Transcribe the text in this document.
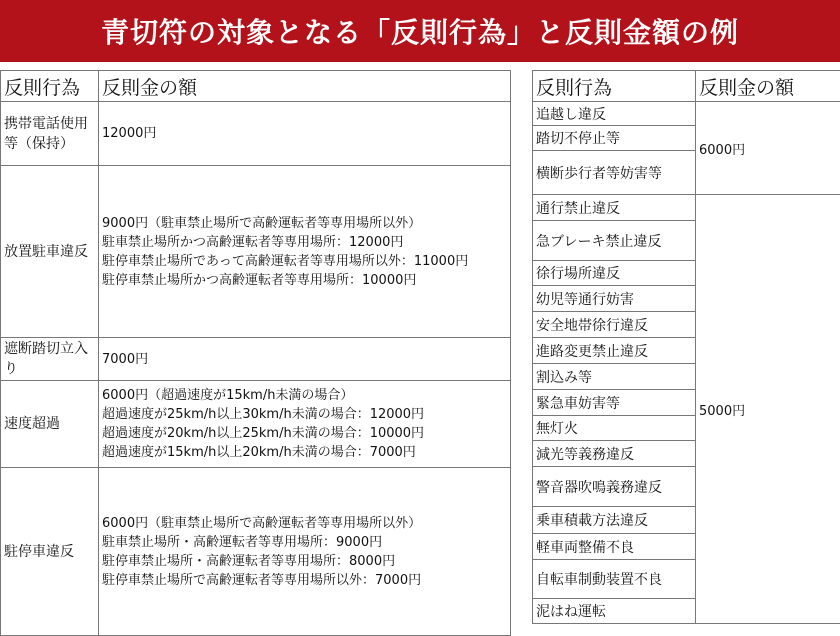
青切符の対象となる「反則行為」と反則金額の例
反則行為	反則金の額
携帯電話使用等（保持）	12000円
放置駐車違反	9000円（駐車禁止場所で高齢運転者等専用場所以外）
駐車禁止場所かつ高齢運転者等専用場所：12000円
駐停車禁止場所であって高齢運転者等専用場所以外：11000円
駐停車禁止場所かつ高齢運転者等専用場所：10000円
遮断踏切立入り	7000円
速度超過	6000円（超過速度が15km/h未満の場合）
超過速度が25km/h以上30km/h未満の場合：12000円
超過速度が20km/h以上25km/h未満の場合：10000円
超過速度が15km/h以上20km/h未満の場合：7000円
駐停車違反	6000円（駐車禁止場所で高齢運転者等専用場所以外）
駐車禁止場所・高齢運転者等専用場所：9000円
駐停車禁止場所・高齢運転者等専用場所：8000円
駐停車禁止場所で高齢運転者等専用場所以外：7000円
反則行為	反則金の額
追越し違反	6000円
踏切不停止等	
横断歩行者等妨害等	
通行禁止違反	5000円
急ブレーキ禁止違反	
徐行場所違反	
幼児等通行妨害	
安全地帯徐行違反	
進路変更禁止違反	
割込み等	
緊急車妨害等	
無灯火	
減光等義務違反	
警音器吹鳴義務違反	
乗車積載方法違反	
軽車両整備不良	
自転車制動装置不良	
泥はね運転	
